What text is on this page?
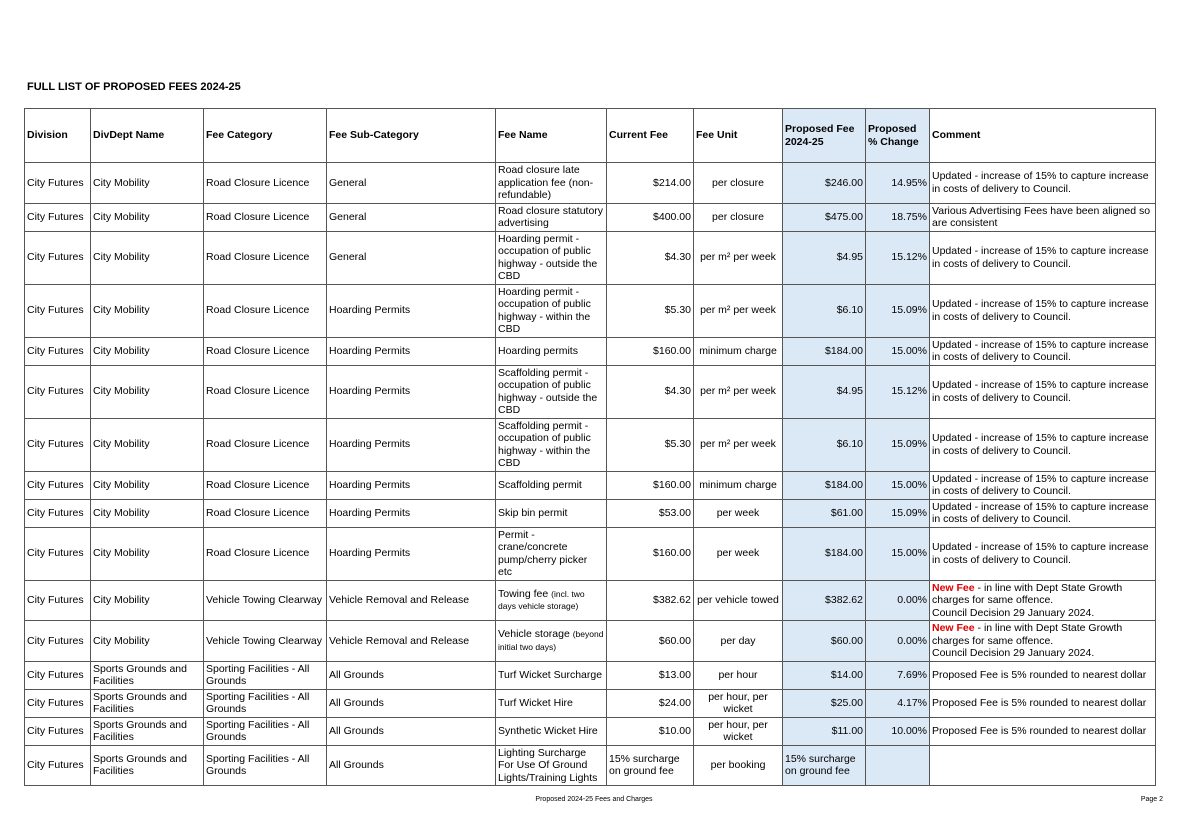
FULL LIST OF PROPOSED FEES 2024-25
Division	DivDept Name	Fee Category	Fee Sub-Category	Fee Name	Current Fee	Fee Unit	Proposed Fee 2024-25	Proposed % Change	Comment
City Futures	City Mobility	Road Closure Licence	General	Road closure late application fee (non-refundable)	$214.00	per closure	$246.00	14.95%	Updated - increase of 15% to capture increase in costs of delivery to Council.
City Futures	City Mobility	Road Closure Licence	General	Road closure statutory advertising	$400.00	per closure	$475.00	18.75%	Various Advertising Fees have been aligned so are consistent
City Futures	City Mobility	Road Closure Licence	General	Hoarding permit - occupation of public highway - outside the CBD	$4.30	per m² per week	$4.95	15.12%	Updated - increase of 15% to capture increase in costs of delivery to Council.
City Futures	City Mobility	Road Closure Licence	Hoarding Permits	Hoarding permit - occupation of public highway - within the CBD	$5.30	per m² per week	$6.10	15.09%	Updated - increase of 15% to capture increase in costs of delivery to Council.
City Futures	City Mobility	Road Closure Licence	Hoarding Permits	Hoarding permits	$160.00	minimum charge	$184.00	15.00%	Updated - increase of 15% to capture increase in costs of delivery to Council.
City Futures	City Mobility	Road Closure Licence	Hoarding Permits	Scaffolding permit - occupation of public highway - outside the CBD	$4.30	per m² per week	$4.95	15.12%	Updated - increase of 15% to capture increase in costs of delivery to Council.
City Futures	City Mobility	Road Closure Licence	Hoarding Permits	Scaffolding permit - occupation of public highway - within the CBD	$5.30	per m² per week	$6.10	15.09%	Updated - increase of 15% to capture increase in costs of delivery to Council.
City Futures	City Mobility	Road Closure Licence	Hoarding Permits	Scaffolding permit	$160.00	minimum charge	$184.00	15.00%	Updated - increase of 15% to capture increase in costs of delivery to Council.
City Futures	City Mobility	Road Closure Licence	Hoarding Permits	Skip bin permit	$53.00	per week	$61.00	15.09%	Updated - increase of 15% to capture increase in costs of delivery to Council.
City Futures	City Mobility	Road Closure Licence	Hoarding Permits	Permit - crane/concrete pump/cherry picker etc	$160.00	per week	$184.00	15.00%	Updated - increase of 15% to capture increase in costs of delivery to Council.
City Futures	City Mobility	Vehicle Towing Clearway	Vehicle Removal and Release	Towing fee (incl. two days vehicle storage)	$382.62	per vehicle towed	$382.62	0.00%	New Fee - in line with Dept State Growth charges for same offence.
Council Decision 29 January 2024.
City Futures	City Mobility	Vehicle Towing Clearway	Vehicle Removal and Release	Vehicle storage (beyond initial two days)	$60.00	per day	$60.00	0.00%	New Fee - in line with Dept State Growth charges for same offence.
Council Decision 29 January 2024.
City Futures	Sports Grounds and Facilities	Sporting Facilities - All Grounds	All Grounds	Turf Wicket Surcharge	$13.00	per hour	$14.00	7.69%	Proposed Fee is 5% rounded to nearest dollar
City Futures	Sports Grounds and Facilities	Sporting Facilities - All Grounds	All Grounds	Turf Wicket Hire	$24.00	per hour, per wicket	$25.00	4.17%	Proposed Fee is 5% rounded to nearest dollar
City Futures	Sports Grounds and Facilities	Sporting Facilities - All Grounds	All Grounds	Synthetic Wicket Hire	$10.00	per hour, per wicket	$11.00	10.00%	Proposed Fee is 5% rounded to nearest dollar
City Futures	Sports Grounds and Facilities	Sporting Facilities - All Grounds	All Grounds	Lighting Surcharge For Use Of Ground Lights/Training Lights	15% surcharge on ground fee	per booking	15% surcharge on ground fee		
Proposed 2024-25 Fees and Charges	Page 2
